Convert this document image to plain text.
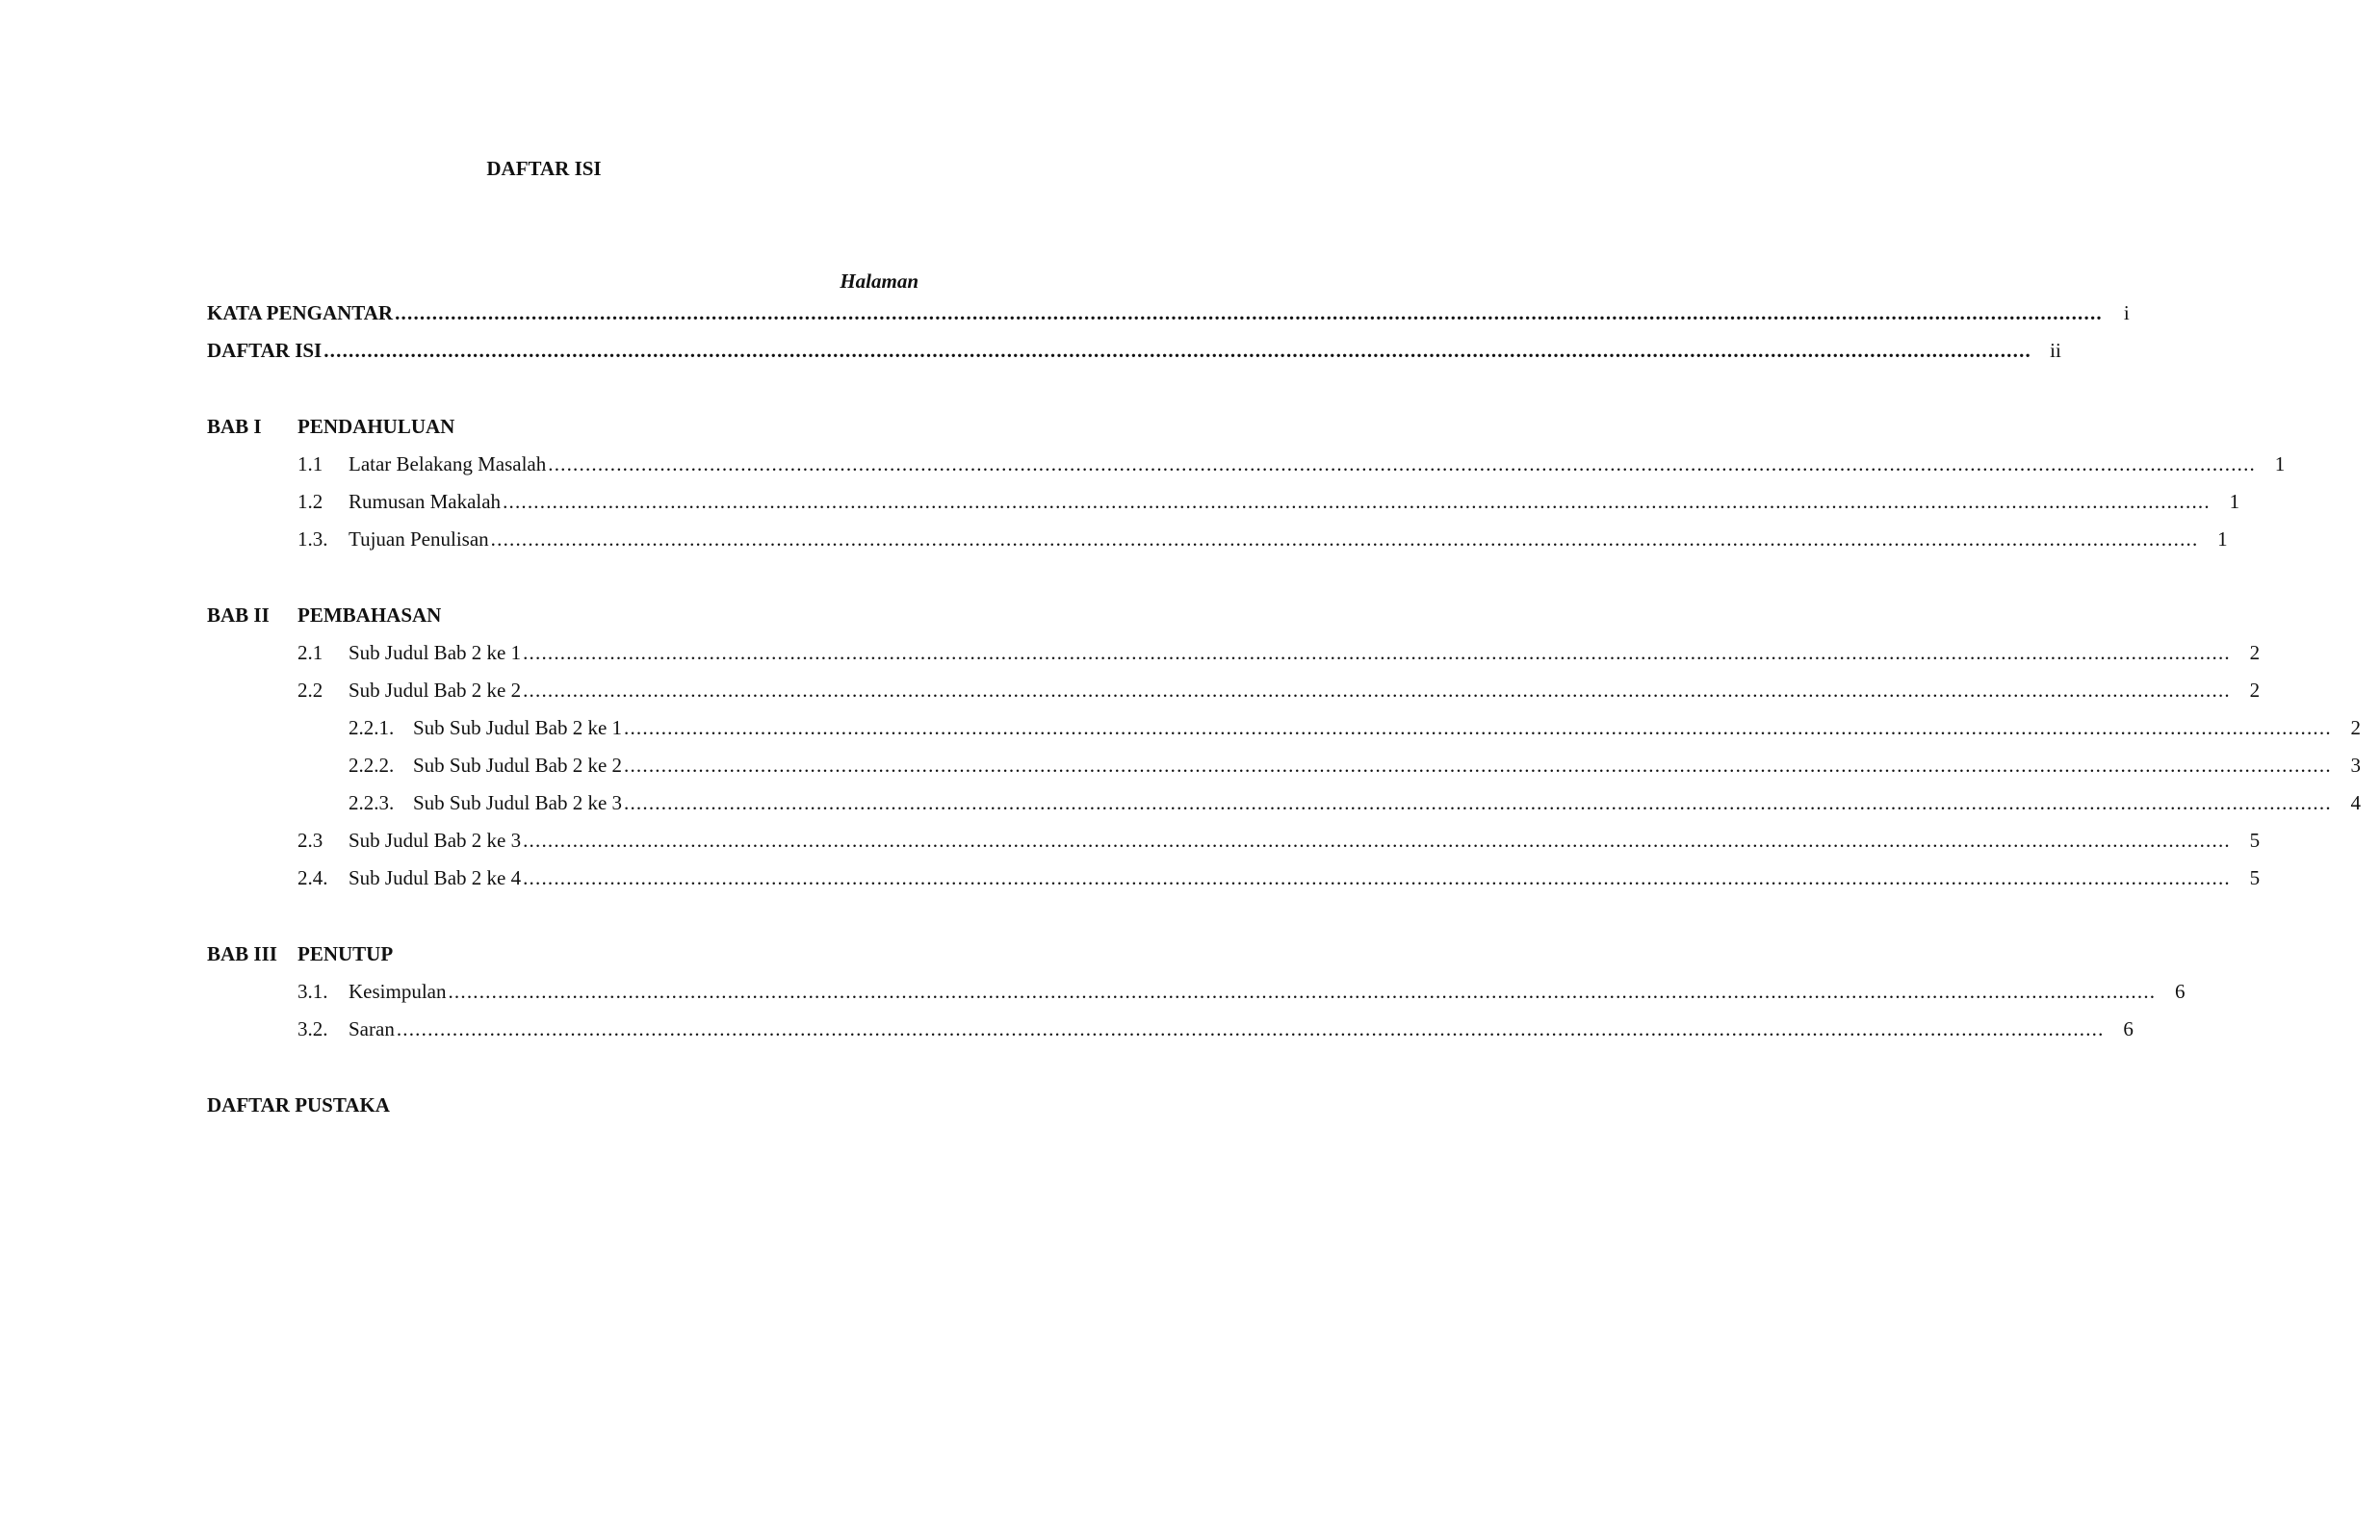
DAFTAR ISI
Halaman
KATA PENGANTAR .....	i
DAFTAR ISI .....	ii
BAB I	PENDAHULUAN
1.1	Latar Belakang Masalah .....	1
1.2	Rumusan Makalah .....	1
1.3.	Tujuan Penulisan .....	1
BAB II	PEMBAHASAN
2.1	Sub Judul Bab 2 ke 1 .....	2
2.2	Sub Judul Bab 2 ke 2 .....	2
2.2.1. Sub Sub Judul Bab 2 ke 1 .....	2
2.2.2. Sub Sub Judul Bab 2 ke 2 .....	3
2.2.3. Sub Sub Judul Bab 2 ke 3 .....	4
2.3	Sub Judul Bab 2 ke 3 .....	5
2.4.	Sub Judul Bab 2 ke 4 .....	5
BAB III	PENUTUP
3.1.	Kesimpulan .....	6
3.2.	Saran .....	6
DAFTAR PUSTAKA
